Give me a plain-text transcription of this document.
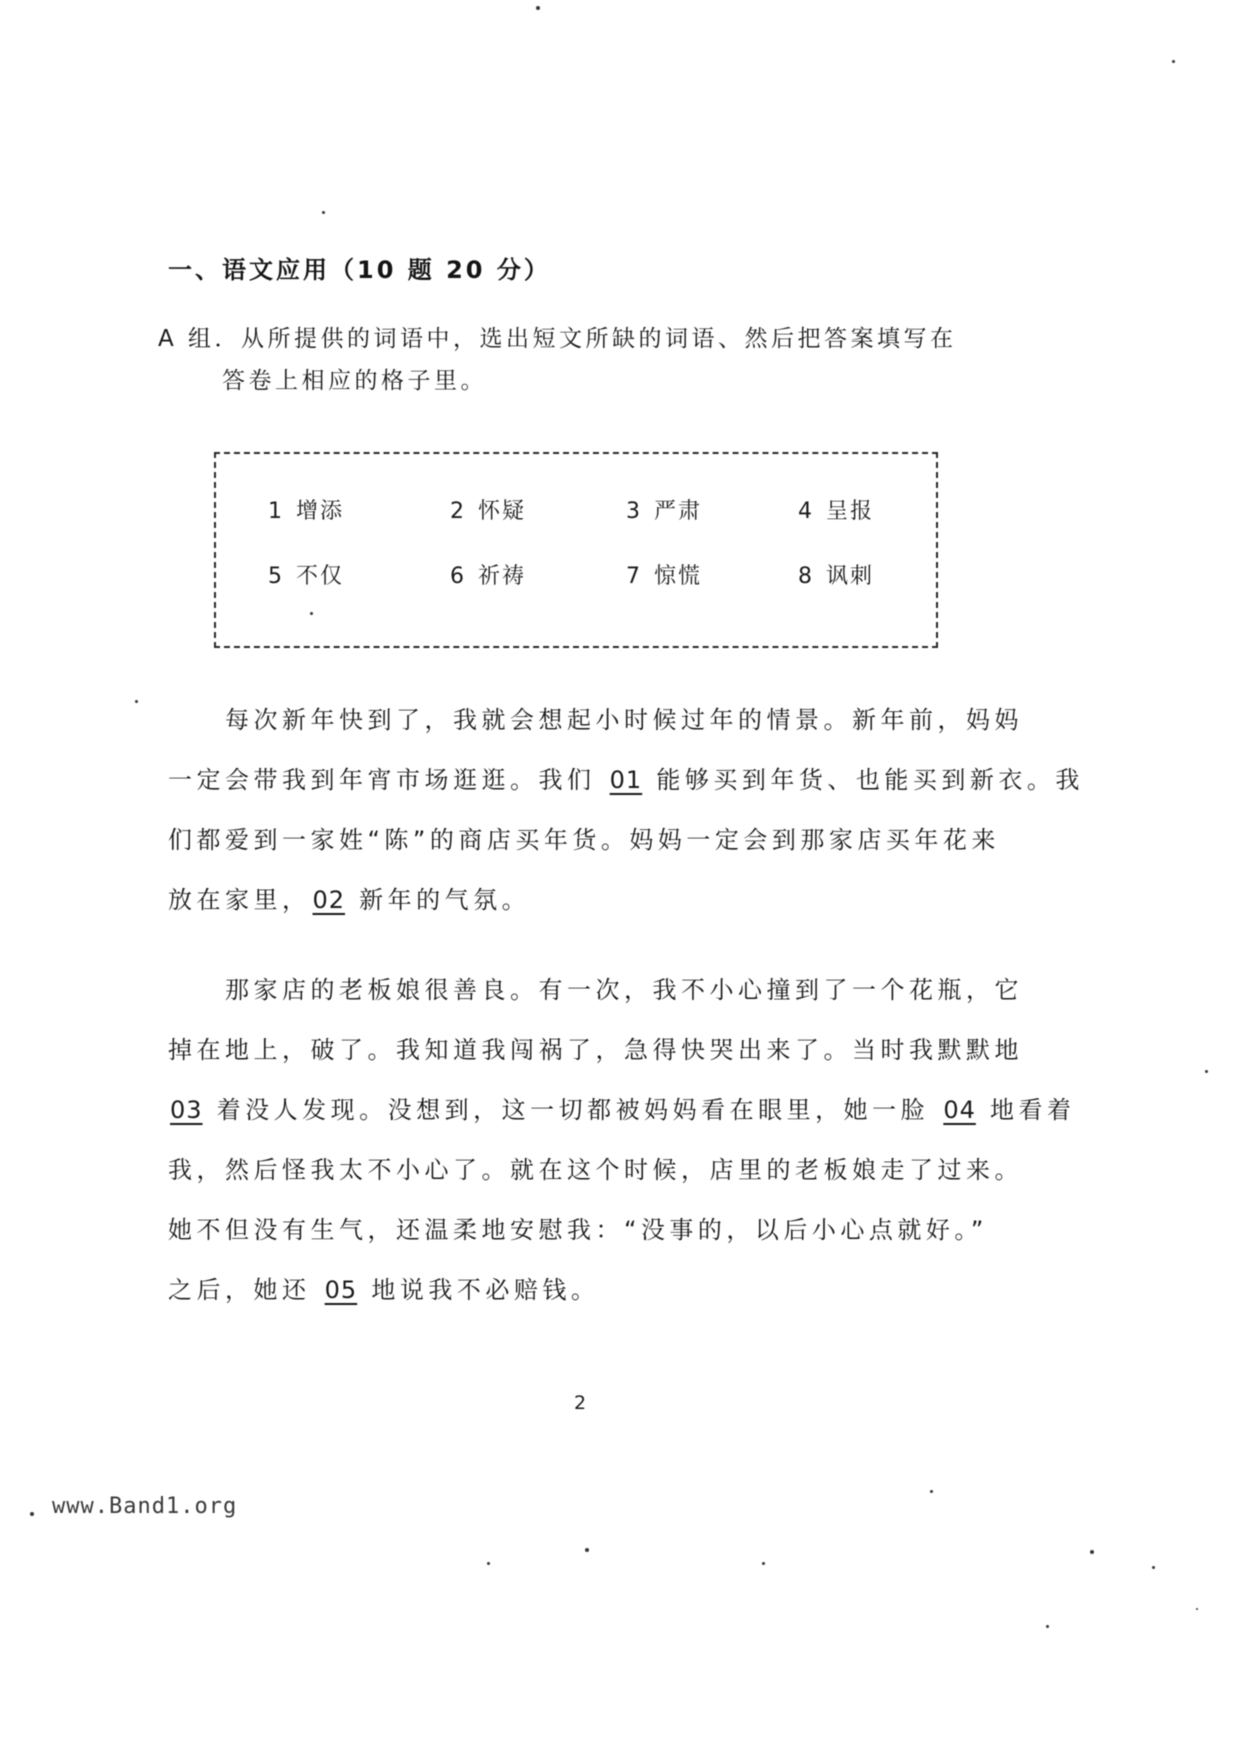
一、语文应用（10 题 20 分）
A 组．从所提供的词语中，选出短文所缺的词语、然后把答案填写在
答卷上相应的格子里。
1 增添	2 怀疑	3 严肃	4 呈报
5 不仅	6 祈祷	7 惊慌	8 讽刺
每次新年快到了，我就会想起小时候过年的情景。新年前，妈妈
一定会带我到年宵市场逛逛。我们 01 能够买到年货、也能买到新衣。我
们都爱到一家姓“陈”的商店买年货。妈妈一定会到那家店买年花来
放在家里，02 新年的气氛。
那家店的老板娘很善良。有一次，我不小心撞到了一个花瓶，它
掉在地上，破了。我知道我闯祸了，急得快哭出来了。当时我默默地
03 着没人发现。没想到，这一切都被妈妈看在眼里，她一脸 04 地看着
我，然后怪我太不小心了。就在这个时候，店里的老板娘走了过来。
她不但没有生气，还温柔地安慰我：“没事的，以后小心点就好。”
之后，她还 05 地说我不必赔钱。
2
www.Band1.org
